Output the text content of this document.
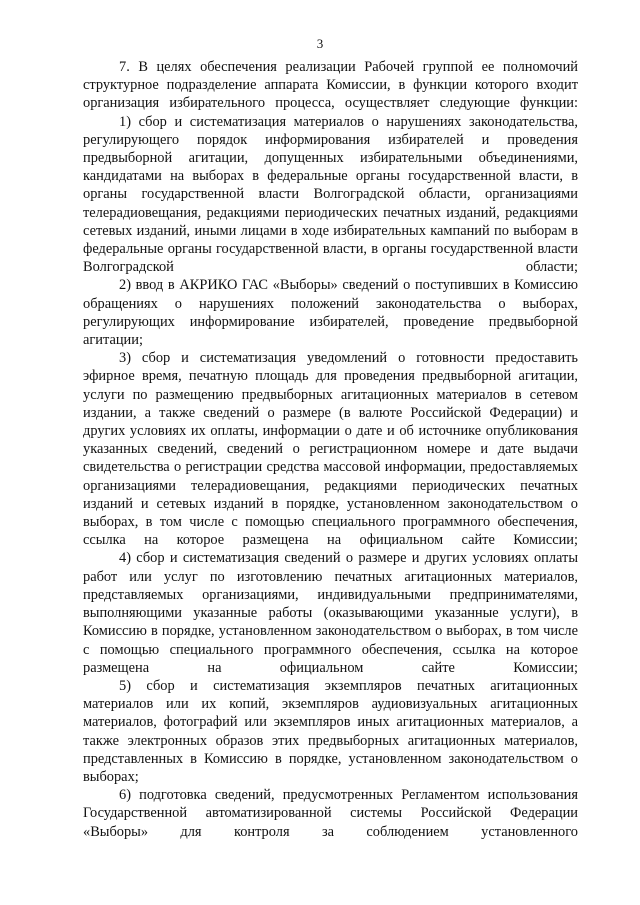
3

7. В целях обеспечения реализации Рабочей группой ее полномочий структурное подразделение аппарата Комиссии, в функции которого входит организация избирательного процесса, осуществляет следующие функции:

1) сбор и систематизация материалов о нарушениях законодательства, регулирующего порядок информирования избирателей и проведения предвыборной агитации, допущенных избирательными объединениями, кандидатами на выборах в федеральные органы государственной власти, в органы государственной власти Волгоградской области, организациями телерадиовещания, редакциями периодических печатных изданий, редакциями сетевых изданий, иными лицами в ходе избирательных кампаний по выборам в федеральные органы государственной власти, в органы государственной власти Волгоградской области;

2) ввод в АКРИКО ГАС «Выборы» сведений о поступивших в Комиссию обращениях о нарушениях положений законодательства о выборах, регулирующих информирование избирателей, проведение предвыборной агитации;

3) сбор и систематизация уведомлений о готовности предоставить эфирное время, печатную площадь для проведения предвыборной агитации, услуги по размещению предвыборных агитационных материалов в сетевом издании, а также сведений о размере (в валюте Российской Федерации) и других условиях их оплаты, информации о дате и об источнике опубликования указанных сведений, сведений о регистрационном номере и дате выдачи свидетельства о регистрации средства массовой информации, предоставляемых организациями телерадиовещания, редакциями периодических печатных изданий и сетевых изданий в порядке, установленном законодательством о выборах, в том числе с помощью специального программного обеспечения, ссылка на которое размещена на официальном сайте Комиссии;

4) сбор и систематизация сведений о размере и других условиях оплаты работ или услуг по изготовлению печатных агитационных материалов, представляемых организациями, индивидуальными предпринимателями, выполняющими указанные работы (оказывающими указанные услуги), в Комиссию в порядке, установленном законодательством о выборах, в том числе с помощью специального программного обеспечения, ссылка на которое размещена на официальном сайте Комиссии;

5) сбор и систематизация экземпляров печатных агитационных материалов или их копий, экземпляров аудиовизуальных агитационных материалов, фотографий или экземпляров иных агитационных материалов, а также электронных образов этих предвыборных агитационных материалов, представленных в Комиссию в порядке, установленном законодательством о выборах;

6) подготовка сведений, предусмотренных Регламентом использования Государственной автоматизированной системы Российской Федерации «Выборы» для контроля за соблюдением установленного
